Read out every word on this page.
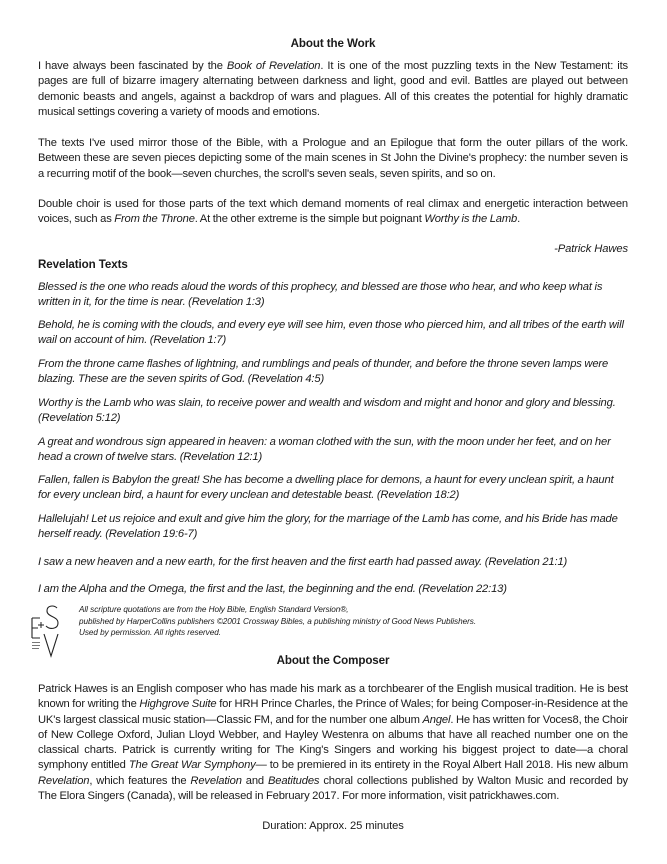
About the Work

I have always been fascinated by the Book of Revelation. It is one of the most puzzling texts in the New Testament: its pages are full of bizarre imagery alternating between darkness and light, good and evil. Battles are played out between demonic beasts and angels, against a backdrop of wars and plagues. All of this creates the potential for highly dramatic musical settings covering a variety of moods and emotions.

The texts I've used mirror those of the Bible, with a Prologue and an Epilogue that form the outer pillars of the work. Between these are seven pieces depicting some of the main scenes in St John the Divine's prophecy: the number seven is a recurring motif of the book—seven churches, the scroll's seven seals, seven spirits, and so on.

Double choir is used for those parts of the text which demand moments of real climax and energetic interaction between voices, such as From the Throne. At the other extreme is the simple but poignant Worthy is the Lamb.

-Patrick Hawes
Revelation Texts

Blessed is the one who reads aloud the words of this prophecy, and blessed are those who hear, and who keep what is written in it, for the time is near. (Revelation 1:3)

Behold, he is coming with the clouds, and every eye will see him, even those who pierced him, and all tribes of the earth will wail on account of him. (Revelation 1:7)

From the throne came flashes of lightning, and rumblings and peals of thunder, and before the throne seven lamps were blazing. These are the seven spirits of God. (Revelation 4:5)

Worthy is the Lamb who was slain, to receive power and wealth and wisdom and might and honor and glory and blessing. (Revelation 5:12)

A great and wondrous sign appeared in heaven: a woman clothed with the sun, with the moon under her feet, and on her head a crown of twelve stars. (Revelation 12:1)

Fallen, fallen is Babylon the great! She has become a dwelling place for demons, a haunt for every unclean spirit, a haunt for every unclean bird, a haunt for every unclean and detestable beast. (Revelation 18:2)

Hallelujah! Let us rejoice and exult and give him the glory, for the marriage of the Lamb has come, and his Bride has made herself ready. (Revelation 19:6-7)

I saw a new heaven and a new earth, for the first heaven and the first earth had passed away. (Revelation 21:1)

I am the Alpha and the Omega, the first and the last, the beginning and the end. (Revelation 22:13)

All scripture quotations are from the Holy Bible, English Standard Version®,
published by HarperCollins publishers ©2001 Crossway Bibles, a publishing ministry of Good News Publishers.
Used by permission. All rights reserved.
About the Composer

Patrick Hawes is an English composer who has made his mark as a torchbearer of the English musical tradition. He is best known for writing the Highgrove Suite for HRH Prince Charles, the Prince of Wales; for being Composer-in-Residence at the UK's largest classical music station—Classic FM, and for the number one album Angel. He has written for Voces8, the Choir of New College Oxford, Julian Lloyd Webber, and Hayley Westenra on albums that have all reached number one on the classical charts. Patrick is currently writing for The King's Singers and working his biggest project to date—a choral symphony entitled The Great War Symphony— to be premiered in its entirety in the Royal Albert Hall 2018. His new album Revelation, which features the Revelation and Beatitudes choral collections published by Walton Music and recorded by The Elora Singers (Canada), will be released in February 2017. For more information, visit patrickhawes.com.

Duration: Approx. 25 minutes
